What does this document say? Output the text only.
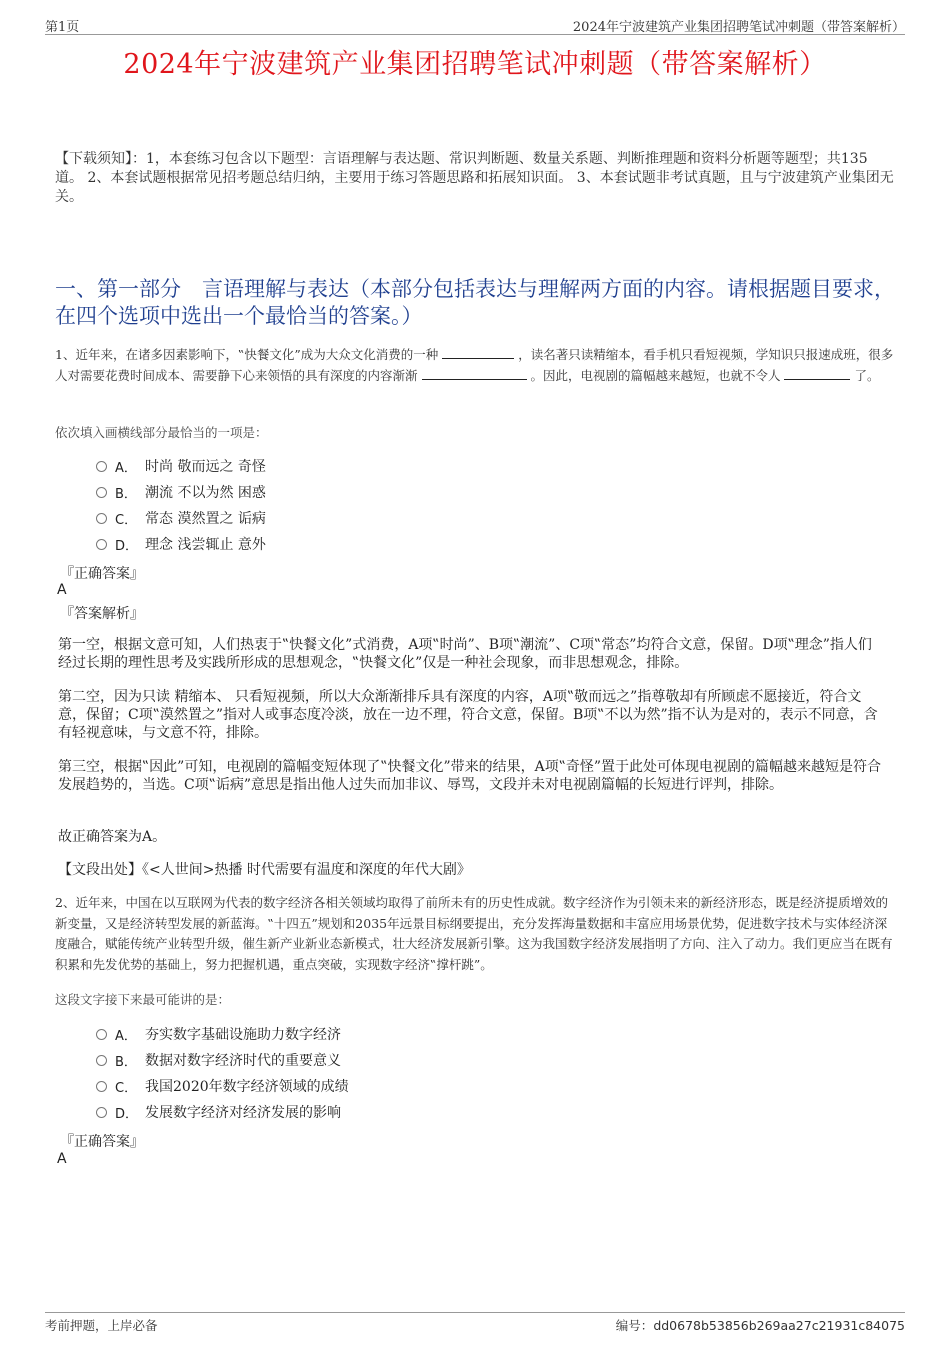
第1页	2024年宁波建筑产业集团招聘笔试冲刺题（带答案解析）
2024年宁波建筑产业集团招聘笔试冲刺题（带答案解析）
【下载须知】：1，本套练习包含以下题型：言语理解与表达题、常识判断题、数量关系题、判断推理题和资料分析题等题型；共135道。 2、本套试题根据常见招考题总结归纳，主要用于练习答题思路和拓展知识面。 3、本套试题非考试真题，且与宁波建筑产业集团无关。
一、第一部分　言语理解与表达（本部分包括表达与理解两方面的内容。请根据题目要求，在四个选项中选出一个最恰当的答案。）
1、近年来，在诸多因素影响下，‟快餐文化”成为大众文化消费的一种	，读名著只读精缩本，看手机只看短视频，学知识只报速成班，很多人对需要花费时间成本、需要静下心来领悟的具有深度的内容渐渐	。因此，电视剧的篇幅越来越短，也就不令人	了。
依次填入画横线部分最恰当的一项是：
A． 时尚 敬而远之 奇怪
B． 潮流 不以为然 困惑
C． 常态 漠然置之 诟病
D． 理念 浅尝辄止 意外
『正确答案』
A
『答案解析』
第一空，根据文意可知，人们热衷于‟快餐文化”式消费，A项‟时尚”、B项‟潮流”、C项‟常态”均符合文意，保留。D项‟理念”指人们经过长期的理性思考及实践所形成的思想观念，‟快餐文化”仅是一种社会现象，而非思想观念，排除。
第二空，因为只读 精缩本、 只看短视频，所以大众渐渐排斥具有深度的内容，A项‟敬而远之”指尊敬却有所顾虑不愿接近，符合文意，保留；C项‟漠然置之”指对人或事态度冷淡，放在一边不理，符合文意，保留。B项‟不以为然”指不认为是对的，表示不同意，含有轻视意味，与文意不符，排除。
第三空，根据‟因此”可知，电视剧的篇幅变短体现了‟快餐文化”带来的结果，A项‟奇怪”置于此处可体现电视剧的篇幅越来越短是符合发展趋势的，当选。C项‟诟病”意思是指出他人过失而加非议、辱骂，文段并未对电视剧篇幅的长短进行评判，排除。
故正确答案为A。
【文段出处】《<人世间>热播 时代需要有温度和深度的年代大剧》
2、近年来，中国在以互联网为代表的数字经济各相关领域均取得了前所未有的历史性成就。数字经济作为引领未来的新经济形态，既是经济提质增效的新变量，又是经济转型发展的新蓝海。‟十四五”规划和2035年远景目标纲要提出，充分发挥海量数据和丰富应用场景优势，促进数字技术与实体经济深度融合，赋能传统产业转型升级，催生新产业新业态新模式，壮大经济发展新引擎。这为我国数字经济发展指明了方向、注入了动力。我们更应当在既有积累和先发优势的基础上，努力把握机遇，重点突破，实现数字经济‟撑杆跳”。
这段文字接下来最可能讲的是：
A． 夯实数字基础设施助力数字经济
B． 数据对数字经济时代的重要意义
C． 我国2020年数字经济领域的成绩
D． 发展数字经济对经济发展的影响
『正确答案』
A
考前押题，上岸必备	编号：dd0678b53856b269aa27c21931c84075
